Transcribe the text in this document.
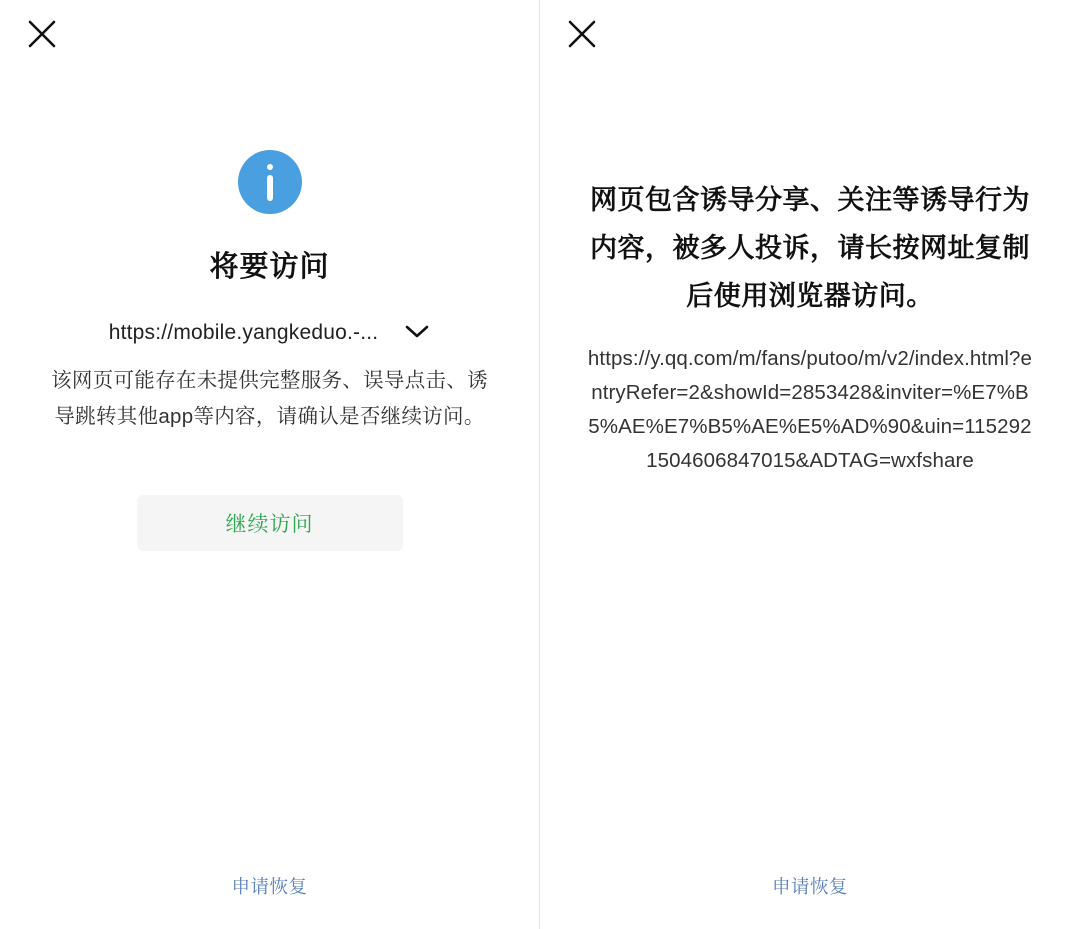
将要访问
https://mobile.yangkeduo.-...
该网页可能存在未提供完整服务、误导点击、诱导跳转其他app等内容，请确认是否继续访问。
继续访问
申请恢复
网页包含诱导分享、关注等诱导行为内容，被多人投诉，请长按网址复制后使用浏览器访问。
https://y.qq.com/m/fans/putoo/m/v2/index.html?entryRefer=2&showId=2853428&inviter=%E7%B5%AE%E7%B5%AE%E5%AD%90&uin=1152921504606847015&ADTAG=wxfshare
申请恢复
